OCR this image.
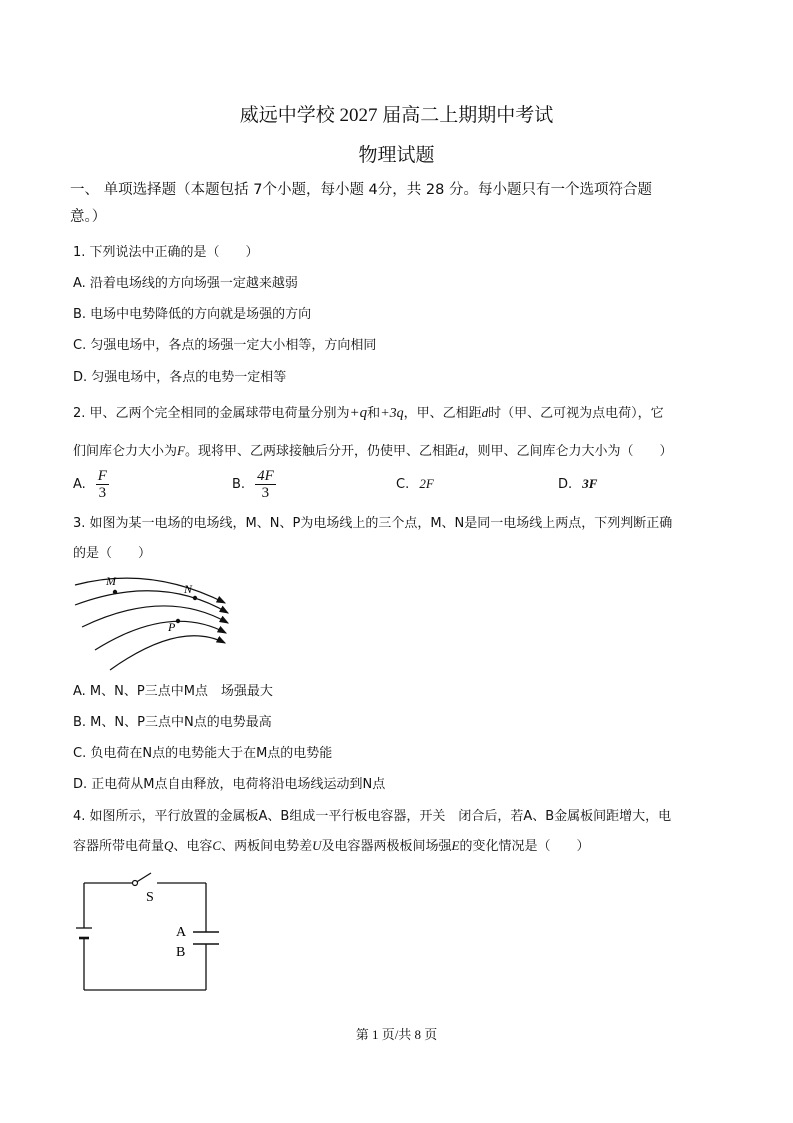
威远中学校 2027 届高二上期期中考试
物理试题
一、 单项选择题（本题包括 7个小题，每小题 4分，共 28 分。每小题只有一个选项符合题
意。）
1. 下列说法中正确的是（　　）
A. 沿着电场线的方向场强一定越来越弱
B. 电场中电势降低的方向就是场强的方向
C. 匀强电场中，各点的场强一定大小相等，方向相同
D. 匀强电场中，各点的电势一定相等
2. 甲、乙两个完全相同的金属球带电荷量分别为+q和+3q，甲、乙相距d时（甲、乙可视为点电荷），它
们间库仑力大小为F。现将甲、乙两球接触后分开，仍使甲、乙相距d，则甲、乙间库仑力大小为（　　）
A. $\frac{F}{3}$	B. $\frac{4F}{3}$	C. 2F	D. 3F
3. 如图为某一电场的电场线，M、N、P为电场线上的三个点，M、N是同一电场线上两点，下列判断正确
的是（　　）
M
N
P
A. M、N、P三点中M点　场强最大
B. M、N、P三点中N点的电势最高
C. 负电荷在N点的电势能大于在M点的电势能
D. 正电荷从M点自由释放，电荷将沿电场线运动到N点
4. 如图所示，平行放置的金属板A、B组成一平行板电容器，开关　闭合后，若A、B金属板间距增大，电
容器所带电荷量Q、电容C、两板间电势差U及电容器两极板间场强E的变化情况是（　　）
S
A
B
第 1 页/共 8 页
